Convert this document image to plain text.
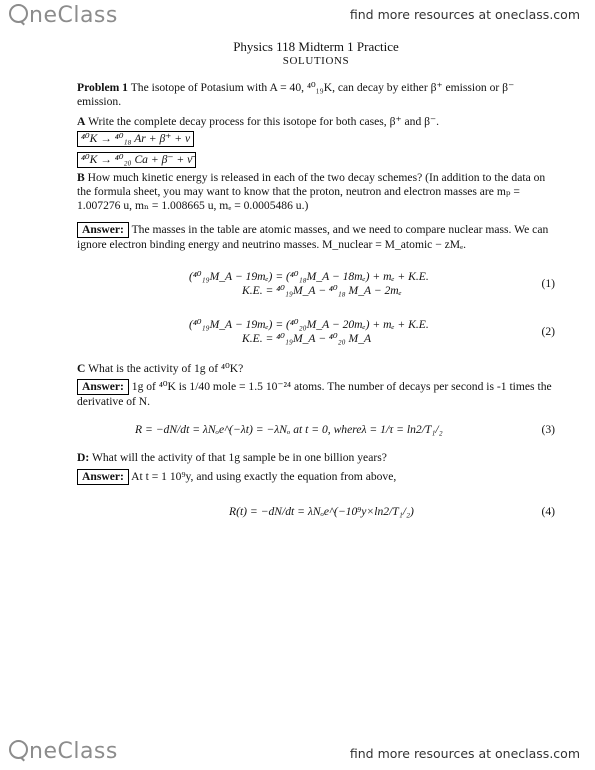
neClass	find more resources at oneclass.com
Physics 118 Midterm 1 Practice
SOLUTIONS

Problem 1 The isotope of Potasium with A = 40, ⁴⁰₁₉K, can decay by either β⁺ emission or β⁻ emission.

A Write the complete decay process for this isotope for both cases, β⁺ and β⁻.

⁴⁰K → ⁴⁰₁₈ Ar + β⁺ + ν
⁴⁰K → ⁴⁰₂₀ Ca + β⁻ + ν̄

B How much kinetic energy is released in each of the two decay schemes? (In addition to the data on the formula sheet, you may want to know that the proton, neutron and electron masses are mₚ = 1.007276 u, mₙ = 1.008665 u, mₑ = 0.0005486 u.)

Answer: The masses in the table are atomic masses, and we need to compare nuclear mass. We can ignore electron binding energy and neutrino masses. M_nuclear = M_atomic − zMₑ.

(⁴⁰₁₉M_A − 19mₑ) = (⁴⁰₁₈M_A − 18mₑ) + mₑ + K.E.
K.E. = ⁴⁰₁₉M_A − ⁴⁰₁₈ M_A − 2mₑ
(1)
(⁴⁰₁₉M_A − 19mₑ) = (⁴⁰₂₀M_A − 20mₑ) + mₑ + K.E.
K.E. = ⁴⁰₁₉M_A − ⁴⁰₂₀ M_A
(2)

C What is the activity of 1g of ⁴⁰K?

Answer: 1g of ⁴⁰K is 1/40 mole = 1.5 10⁻²⁴ atoms. The number of decays per second is -1 times the derivative of N.

R = −dN/dt = λNₒe^(−λt) = −λNₒ at t = 0, whereλ = 1/τ = ln2/T₁/₂	(3)

D: What will the activity of that 1g sample be in one billion years?

Answer: At t = 1 10⁹y, and using exactly the equation from above,

R(t) = −dN/dt = λNₒe^(−10⁹y×ln2/T₁/₂)	(4)
neClass	find more resources at oneclass.com
